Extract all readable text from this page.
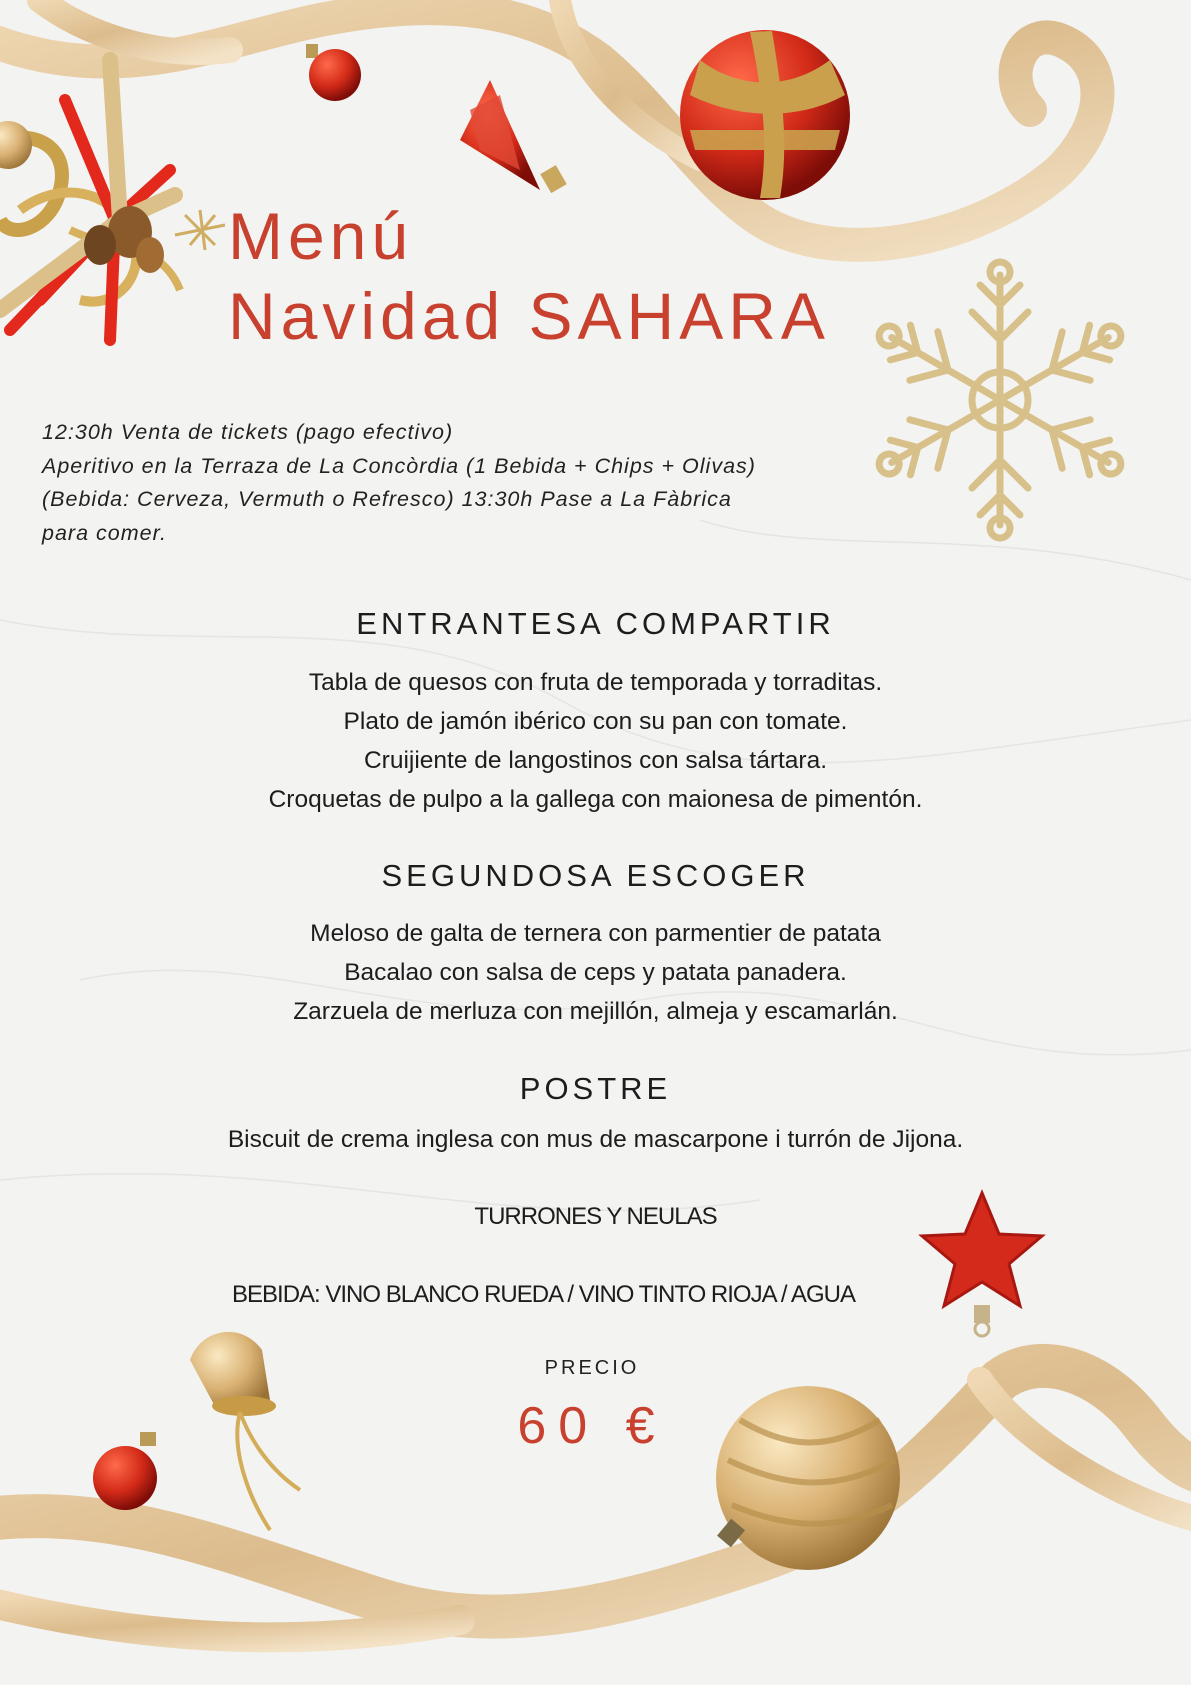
Menú
Navidad SAHARA
12:30h Venta de tickets (pago efectivo)
Aperitivo en la Terraza de La Concòrdia (1 Bebida + Chips + Olivas)
(Bebida: Cerveza, Vermuth o Refresco) 13:30h Pase a La Fàbrica
para comer.
ENTRANTESA COMPARTIR
Tabla de quesos con fruta de temporada y torraditas.
Plato de jamón ibérico con su pan con tomate.
Cruijiente de langostinos con salsa tártara.
Croquetas de pulpo a la gallega con maionesa de pimentón.
SEGUNDOSA ESCOGER
Meloso de galta de ternera con parmentier de patata
Bacalao con salsa de ceps y patata panadera.
Zarzuela de merluza con mejillón, almeja y escamarlán.
POSTRE
Biscuit de crema inglesa con mus de mascarpone i turrón de Jijona.
TURRONES Y NEULAS
BEBIDA: VINO BLANCO RUEDA / VINO TINTO RIOJA / AGUA
PRECIO
60 €
